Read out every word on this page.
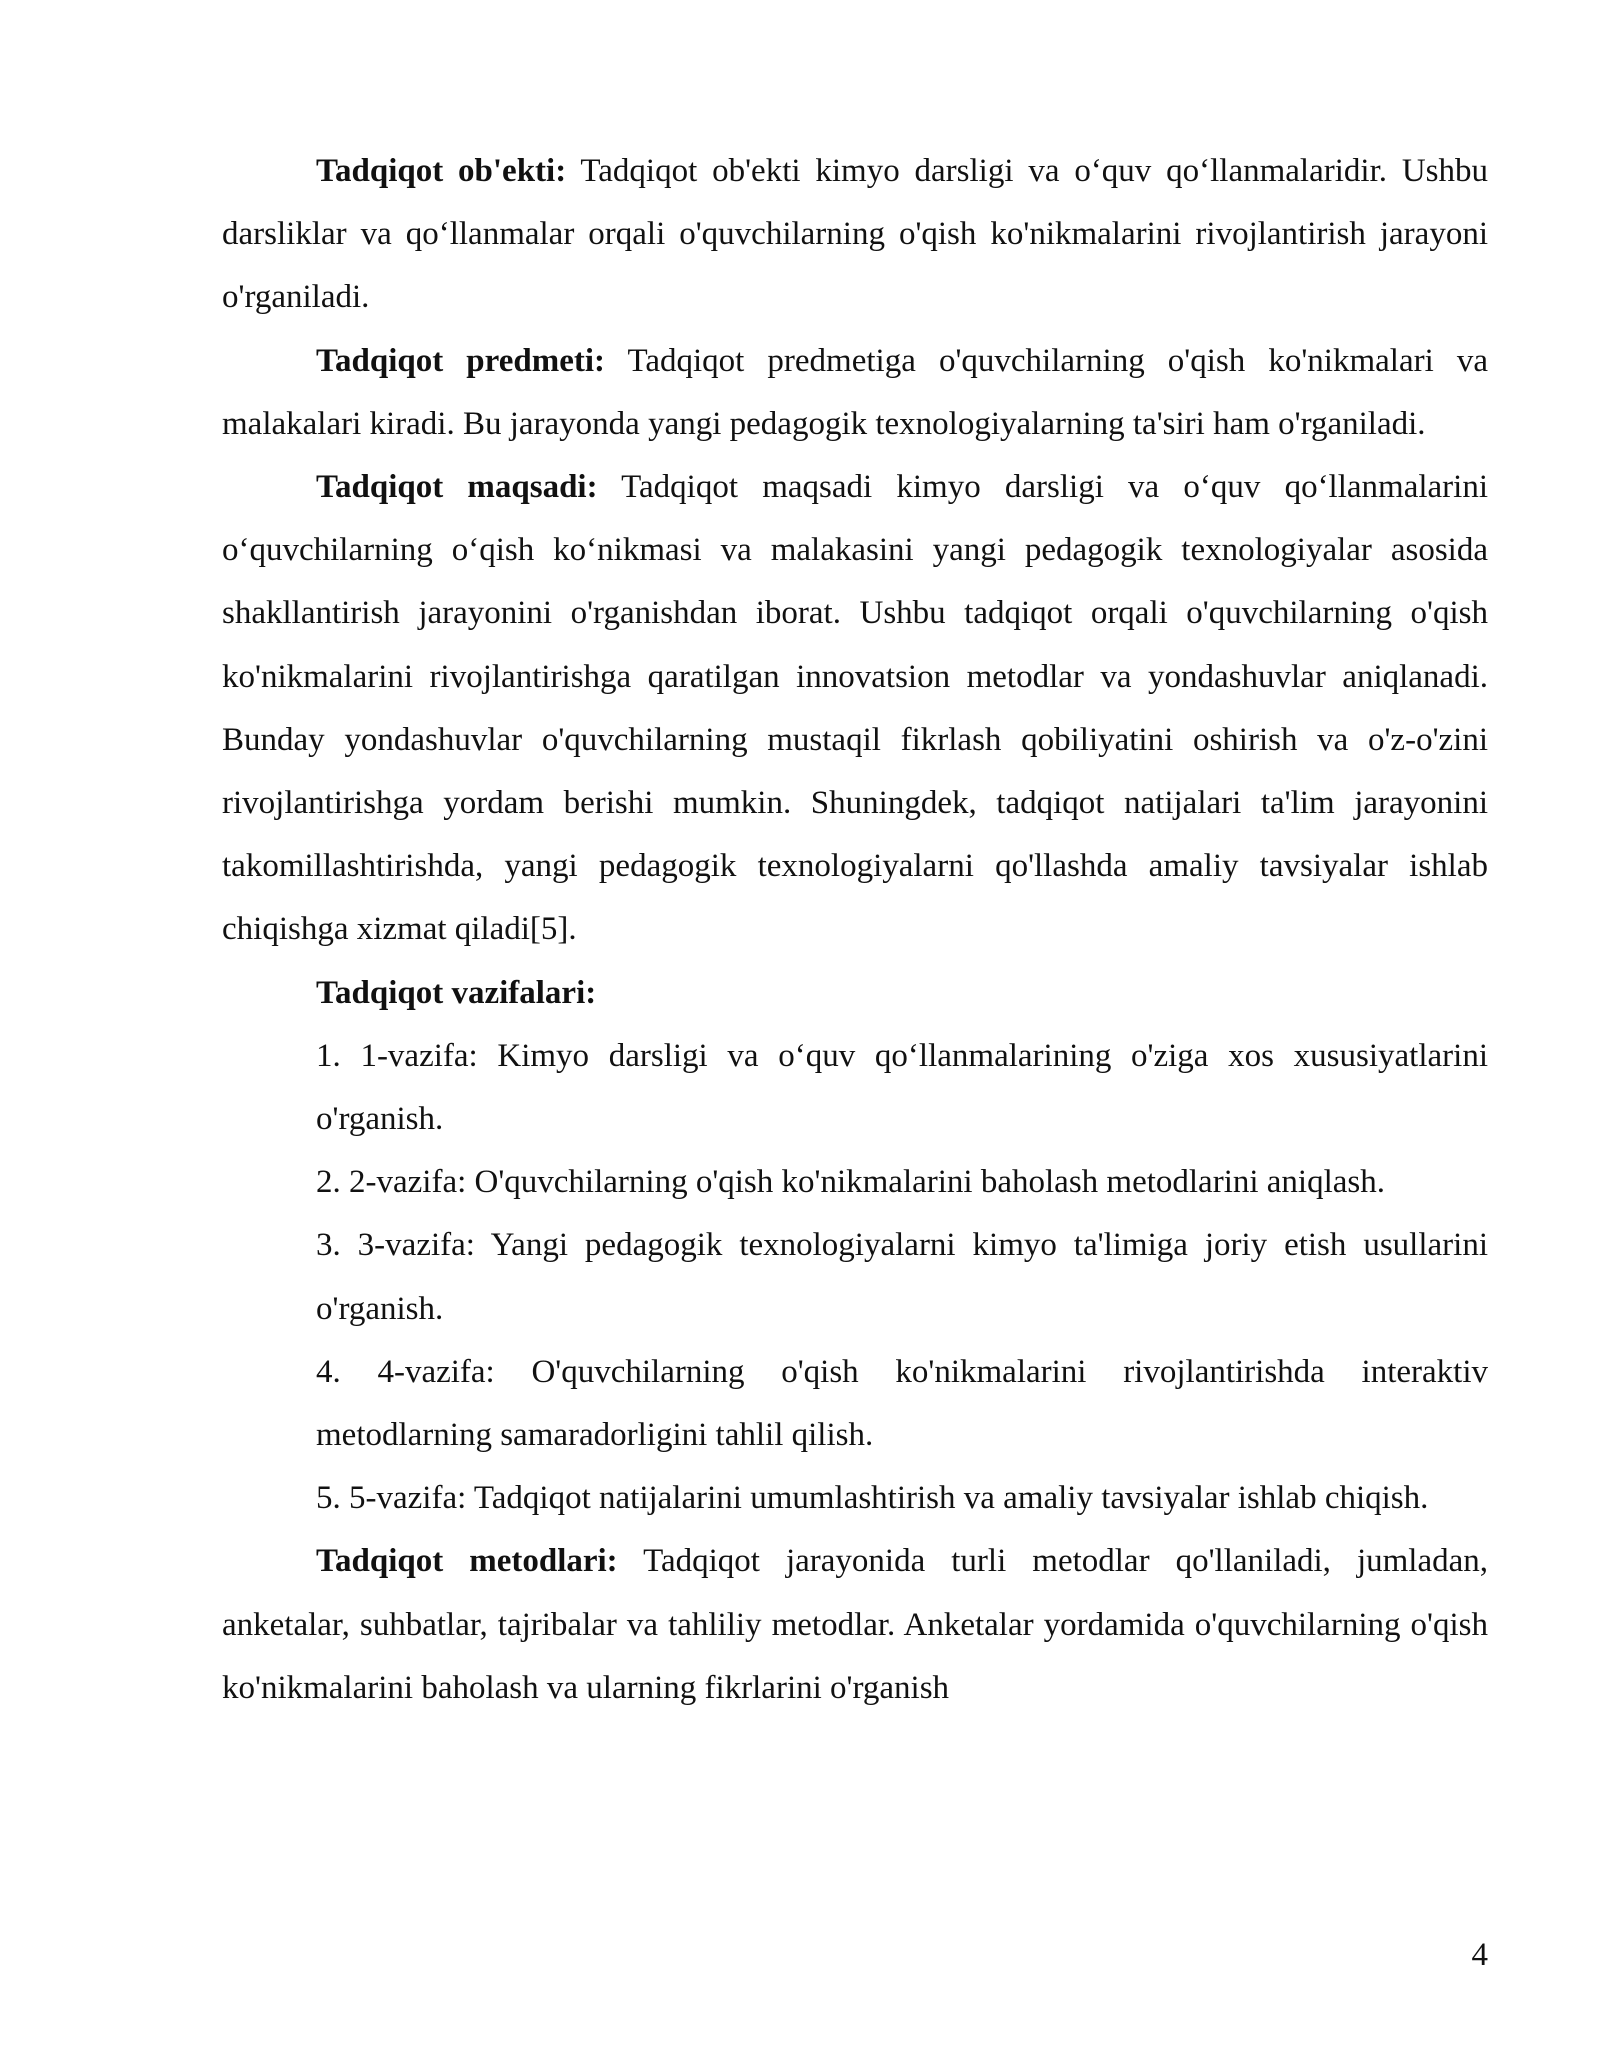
Tadqiqot ob'ekti: Tadqiqot ob'ekti kimyo darsligi va o‘quv qo‘llanmalaridir. Ushbu darsliklar va qo‘llanmalar orqali o'quvchilarning o'qish ko'nikmalarini rivojlantirish jarayoni o'rganiladi.

Tadqiqot predmeti: Tadqiqot predmetiga o'quvchilarning o'qish ko'nikmalari va malakalari kiradi. Bu jarayonda yangi pedagogik texnologiyalarning ta'siri ham o'rganiladi.

Tadqiqot maqsadi: Tadqiqot maqsadi kimyo darsligi va o‘quv qo‘llanmalarini o‘quvchilarning o‘qish ko‘nikmasi va malakasini yangi pedagogik texnologiyalar asosida shakllantirish jarayonini o'rganishdan iborat. Ushbu tadqiqot orqali o'quvchilarning o'qish ko'nikmalarini rivojlantirishga qaratilgan innovatsion metodlar va yondashuvlar aniqlanadi. Bunday yondashuvlar o'quvchilarning mustaqil fikrlash qobiliyatini oshirish va o'z-o'zini rivojlantirishga yordam berishi mumkin. Shuningdek, tadqiqot natijalari ta'lim jarayonini takomillashtirishda, yangi pedagogik texnologiyalarni qo'llashda amaliy tavsiyalar ishlab chiqishga xizmat qiladi[5].

Tadqiqot vazifalari:

1. 1-vazifa: Kimyo darsligi va o‘quv qo‘llanmalarining o'ziga xos xususiyatlarini o'rganish.

2. 2-vazifa: O'quvchilarning o'qish ko'nikmalarini baholash metodlarini aniqlash.

3. 3-vazifa: Yangi pedagogik texnologiyalarni kimyo ta'limiga joriy etish usullarini o'rganish.

4. 4-vazifa: O'quvchilarning o'qish ko'nikmalarini rivojlantirishda interaktiv metodlarning samaradorligini tahlil qilish.

5. 5-vazifa: Tadqiqot natijalarini umumlashtirish va amaliy tavsiyalar ishlab chiqish.

Tadqiqot metodlari: Tadqiqot jarayonida turli metodlar qo'llaniladi, jumladan, anketalar, suhbatlar, tajribalar va tahliliy metodlar. Anketalar yordamida o'quvchilarning o'qish ko'nikmalarini baholash va ularning fikrlarini o'rganish

4
